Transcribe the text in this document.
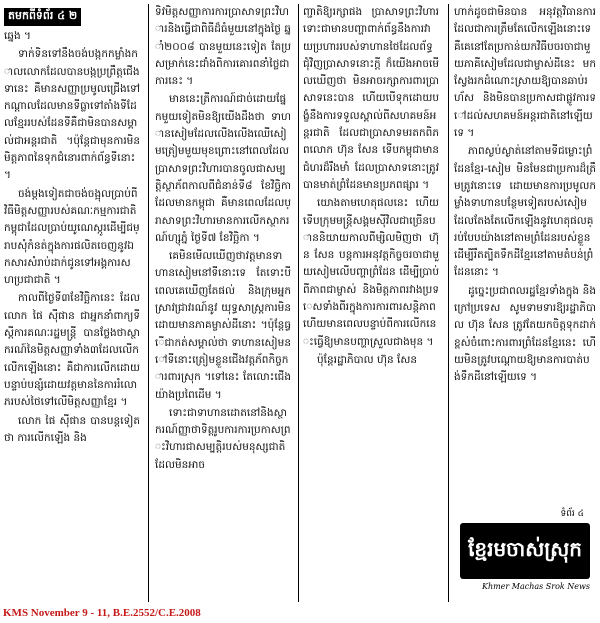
តមកពីទំព័រ ៤ ២

ឆ្នេង ។

ទាក់ទិនទៅនឹងចង់បង្កកកម្លាំងកាលលោកដែលបានបង្កប្រព្រឹត្តជើងទានេះ គឺមានសញ្ញាប្រមូលជ្រើងទៅកណ្ដាលដែលមានទីធ្លាទៅតាំងទីដែលខ្មែររបស់ដែនទីគឺជាមិនបានសម្គាល់ជាអន្តរជាតិ ។ប៉ុន្តែជាមុនការមិនមិត្តភាពនៃទុកជំនោរពាក់ព័ន្ធទីនោះ ។

ចង់ម្ដងទៀតជាចង់ចង្អុលប្រាប់ពីវិធីមិត្តសញ្ញារបស់គណៈកម្មការជាតិកម្ពុជាដែលប្រាប់យូណេស្កូរដើម្បីជម្រាបសុំកំនត់ក្នុងការផលិតចេញនូវឯកសារសំរាប់ដាក់ជូនទៅអង្គការសហប្រជាជាតិ ។

កាលពីថ្ងៃទី៣ខែវិច្ឆិកានេះ ដែលលោក ផៃ ស៊ីផាន ជាអ្នកនាំពាក្យទីស្ដីការគណៈរដ្ឋមន្ត្រី បានថ្លែងថាស្ថាករណ៍នៃមិត្តសញ្ញាទាំង៣ដែលលើកលើកឡើងនោះ គឺជាការលើកដោយបន្ទាប់បន្សំដោយវត្តមាននៃការរំលោភរបស់ថៃទៅលើមិត្តសញ្ញាខ្មែរ ។

លោក ផៃ ស៊ីផាន បានបន្តទៀតថា ការលើកឡើង និង

ទិវមិត្តសញ្ញាការការប្រាសាទព្រះវិហារនិងធ្វើជាពិធីដ៏ធំមួយនៅក្នុងថ្ងៃ ឆ្នាំ២០០៨ បានមួយនេះទៀត តែប្រសម្រាក់នេះជាំងពិការគោរពនាំថ្លៃជាការនេះ ។

មាននេះត្រីការណ៍ជាច់ដោយផ្នែកមួយទៀតមិនឱ្យយើងដឹងថា ទាហានសៀមដែលលើងលើងឈើសៀមត្រៀមមួយមុខព្រោះនៅពេលដែលប្រាសាទព្រះវិហារបានចូលជាសម្បត្តិស្ថាភ័ពកាលពីជំនាន់ទី៨ ខែវិច្ឆិកា ដែលមានកម្ពុជា គឺមានពេលដែលប្រាសាទព្រះវិហារមានការលើកស្ថាករណ៍ហ្សុភ្នំ ថ្ងៃទី៧ ខែវិច្ឆិកា ។

គេមិនមើលឃើញថាវត្តមានទាហានសៀមនៅទីនោះទេ តែទោះបី ពេលគេឃើញតែផល់ និងក្រុមអ្នកស្រាវជ្រាវរណ៍នូវ យុទ្ធសាស្ត្រការមិនដោយមានភាគម្ចាស់ដីនោះ ។ប៉ុន្តែធ្វើជាកត់សម្គាល់ថា ទាហានសៀមនៅទីនោះត្រៀមខ្លួនជើងវត្តភ័ពកិច្ចការពារស្រុក ។ទៅនេះ តែលោះជើងយ៉ាងប្រពៃដើម ។

ទោះជាទាហានដោតនៅនិងស្ថាករណ៍ញ្ញាថាទិត្តរូបការការប្រកាសព្រះវិហារជាសម្បត្តិរបស់មនុស្សជាតិដែលមិនអាច

ញ្ជាតិឱ្យរក្សាផង ប្រាសាទព្រះវិហារទោះជាមានបញ្ហាពាក់ព័ន្ធនឹងការវាយប្រហាររបស់ទាហានថៃដែលព័ទ្ធជុំវិញប្រាសាទនោះក្ដី ក៏យើងអាចមើលឃើញថា មិនអាចរក្សាការពារប្រាសាទនេះបាន ហើយបើទុកដោយបង្ខំនឹងការទទួលស្គាល់ពីសហគមន៍អន្តរជាតិ ដែលជាប្រាសាទមរតកពិភពលោក ហ៊ុន សែន ទើបកម្ពុជាមានជំហរដ៏រឹងមាំ ដែលប្រាសាទនោះត្រូវបានមាត់ព្រំដែនមានប្រភពផ្សារ ។

យោងតាមហេតុផលនេះ ហើយទើបក្រុមមន្ត្រីសង្គមស៊ីវិលជាច្រើនបាននិយាយកាលពីម្សិលមិញថា ហ៊ុន សែន បន្តការអនុវត្តកិច្ចចរចាជាមួយសៀមលើបញ្ហាព្រំដែន ដើម្បីប្រាប់ពីភាពជាម្ចាស់ និងមិត្តភាពរវាងប្រទេសទាំងពីរក្នុងការការពារសន្តិភាព ហើយមានពេលបន្ទាប់ពីការលើកនេះធ្វើឱ្យមានបញ្ហាស្រួលជាងមុន ។

ប៉ុន្តែរដ្ឋាភិបាល ហ៊ុន សែន

ហាក់ដូចជាមិនបាន អនុវត្តវិធានការ ដែលជាការត្រឹមតែលើកឡើងនោះទេ គឺគេនៅតែប្រកាន់យកវិធីបចរចាជាមួយភាគីសៀមដែលជាម្ចាស់ដីនេះ មកស្វែងរកដំណោះស្រាយឱ្យបានឆាប់រហ័ស និងមិនបានប្រកាសជាផ្លូវការទៅដល់សហគមន៍អន្តរជាតិនៅឡើយទេ ។

ភាពស្ងប់ស្ងាត់នៅតាមទីជម្លោះព្រំដែនខ្មែរ-សៀម មិនមែនជាប្រការដ៏ត្រឹមត្រូវនោះទេ ដោយមានការប្រមូលកម្លាំងទាហានបន្ថែមទៀតរបស់សៀម ដែលតែងតែលើកឡើងនូវហេតុផលគ្រប់បែបយ៉ាងនៅតាមព្រំដែនរបស់ខ្លួន ដើម្បីរឹតត្បិតទឹកដីខ្មែរនៅតាមតំបន់ព្រំដែននោះ ។

ដូច្នេះប្រជាពលរដ្ឋខ្មែរទាំងក្នុង និងក្រៅប្រទេស សូមទាមទារឱ្យរដ្ឋាភិបាល ហ៊ុន សែន ត្រូវតែយកចិត្តទុកដាក់ខ្ពស់ចំពោះការពារព្រំដែនខ្មែរនេះ ហើយមិនត្រូវបណ្ដោយឱ្យមានការបាត់បង់ទឹកដីនៅឡើយទេ ។

ទំព័រ ៤
ខ្មែរមចាស់ស្រុក
Khmer Machas Srok News
KMS November 9 - 11, B.E.2552/C.E.2008
